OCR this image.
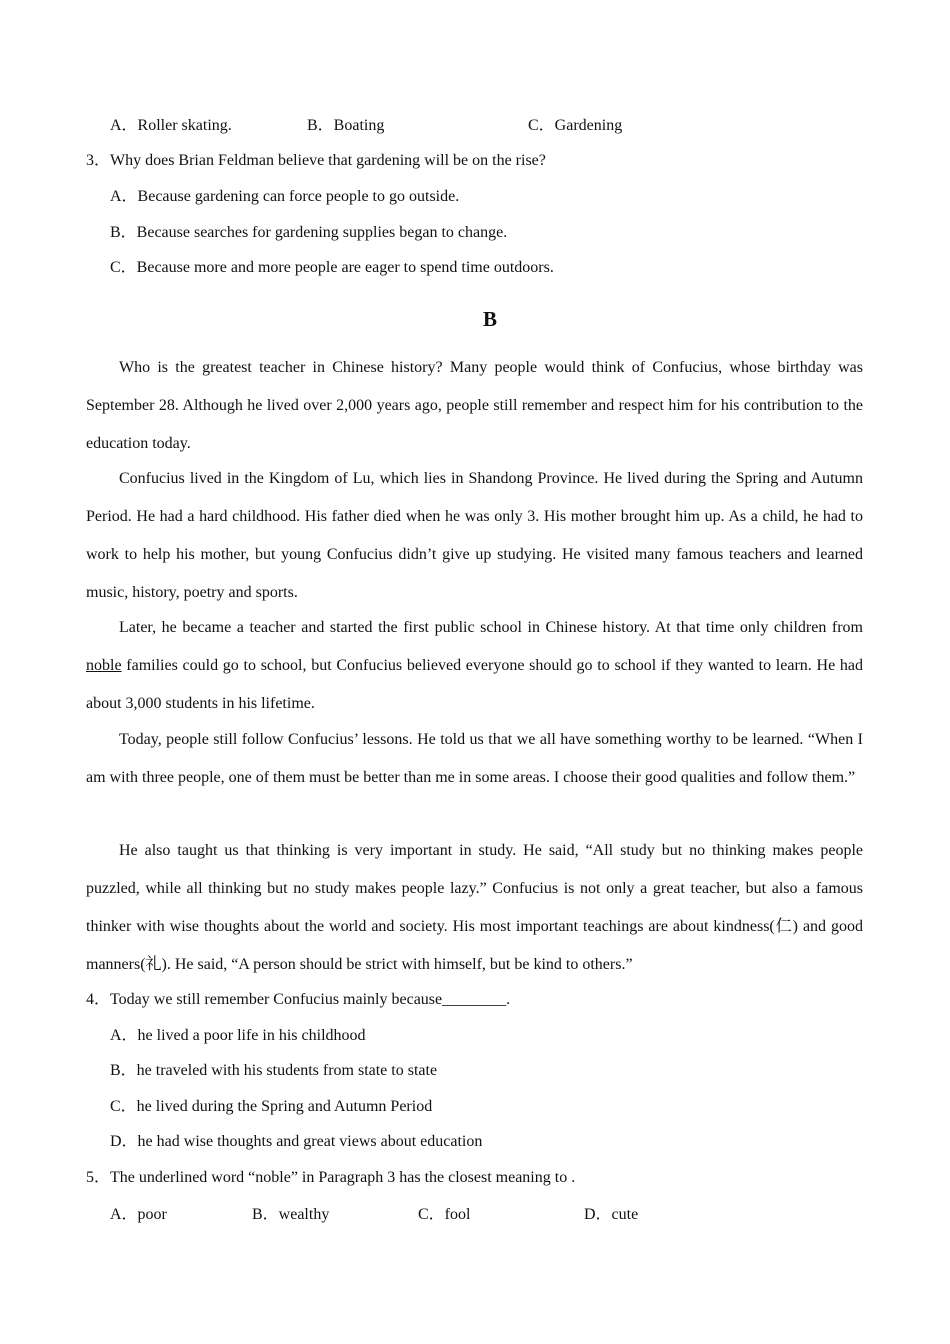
A．Roller skating.	B．Boating	C．Gardening
3．Why does Brian Feldman believe that gardening will be on the rise?
A．Because gardening can force people to go outside.
B．Because searches for gardening supplies began to change.
C．Because more and more people are eager to spend time outdoors.
B

Who is the greatest teacher in Chinese history? Many people would think of Confucius, whose birthday was September 28. Although he lived over 2,000 years ago, people still remember and respect him for his contribution to the education today.

Confucius lived in the Kingdom of Lu, which lies in Shandong Province. He lived during the Spring and Autumn Period. He had a hard childhood. His father died when he was only 3. His mother brought him up. As a child, he had to work to help his mother, but young Confucius didn’t give up studying. He visited many famous teachers and learned music, history, poetry and sports.

Later, he became a teacher and started the first public school in Chinese history. At that time only children from noble families could go to school, but Confucius believed everyone should go to school if they wanted to learn. He had about 3,000 students in his lifetime.

Today, people still follow Confucius’ lessons. He told us that we all have something worthy to be learned. “When I am with three people, one of them must be better than me in some areas. I choose their good qualities and follow them.”

He also taught us that thinking is very important in study. He said, “All study but no thinking makes people puzzled, while all thinking but no study makes people lazy.” Confucius is not only a great teacher, but also a famous thinker with wise thoughts about the world and society. His most important teachings are about kindness(仁) and good manners(礼). He said, “A person should be strict with himself, but be kind to others.”

4．Today we still remember Confucius mainly because________.
A．he lived a poor life in his childhood
B．he traveled with his students from state to state
C．he lived during the Spring and Autumn Period
D．he had wise thoughts and great views about education
5．The underlined word “noble” in Paragraph 3 has the closest meaning to .
A．poor	B．wealthy	C．fool	D．cute
